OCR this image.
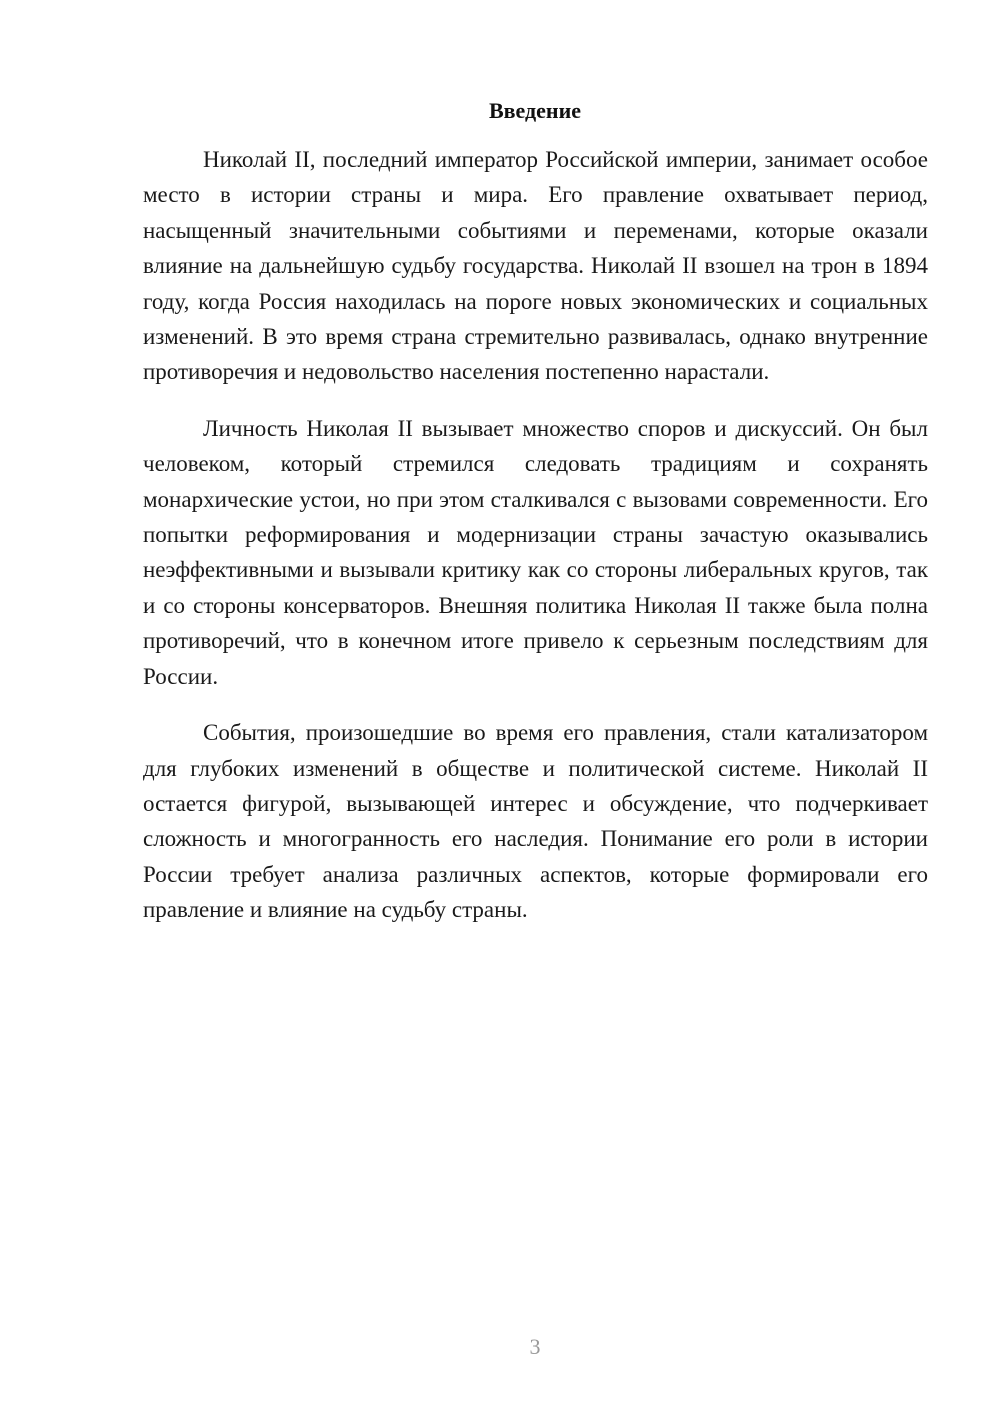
Введение

Николай II, последний император Российской империи, занимает особое место в истории страны и мира. Его правление охватывает период, насыщенный значительными событиями и переменами, которые оказали влияние на дальнейшую судьбу государства. Николай II взошел на трон в 1894 году, когда Россия находилась на пороге новых экономических и социальных изменений. В это время страна стремительно развивалась, однако внутренние противоречия и недовольство населения постепенно нарастали.

Личность Николая II вызывает множество споров и дискуссий. Он был человеком, который стремился следовать традициям и сохранять монархические устои, но при этом сталкивался с вызовами современности. Его попытки реформирования и модернизации страны зачастую оказывались неэффективными и вызывали критику как со стороны либеральных кругов, так и со стороны консерваторов. Внешняя политика Николая II также была полна противоречий, что в конечном итоге привело к серьезным последствиям для России.

События, произошедшие во время его правления, стали катализатором для глубоких изменений в обществе и политической системе. Николай II остается фигурой, вызывающей интерес и обсуждение, что подчеркивает сложность и многогранность его наследия. Понимание его роли в истории России требует анализа различных аспектов, которые формировали его правление и влияние на судьбу страны.

3
